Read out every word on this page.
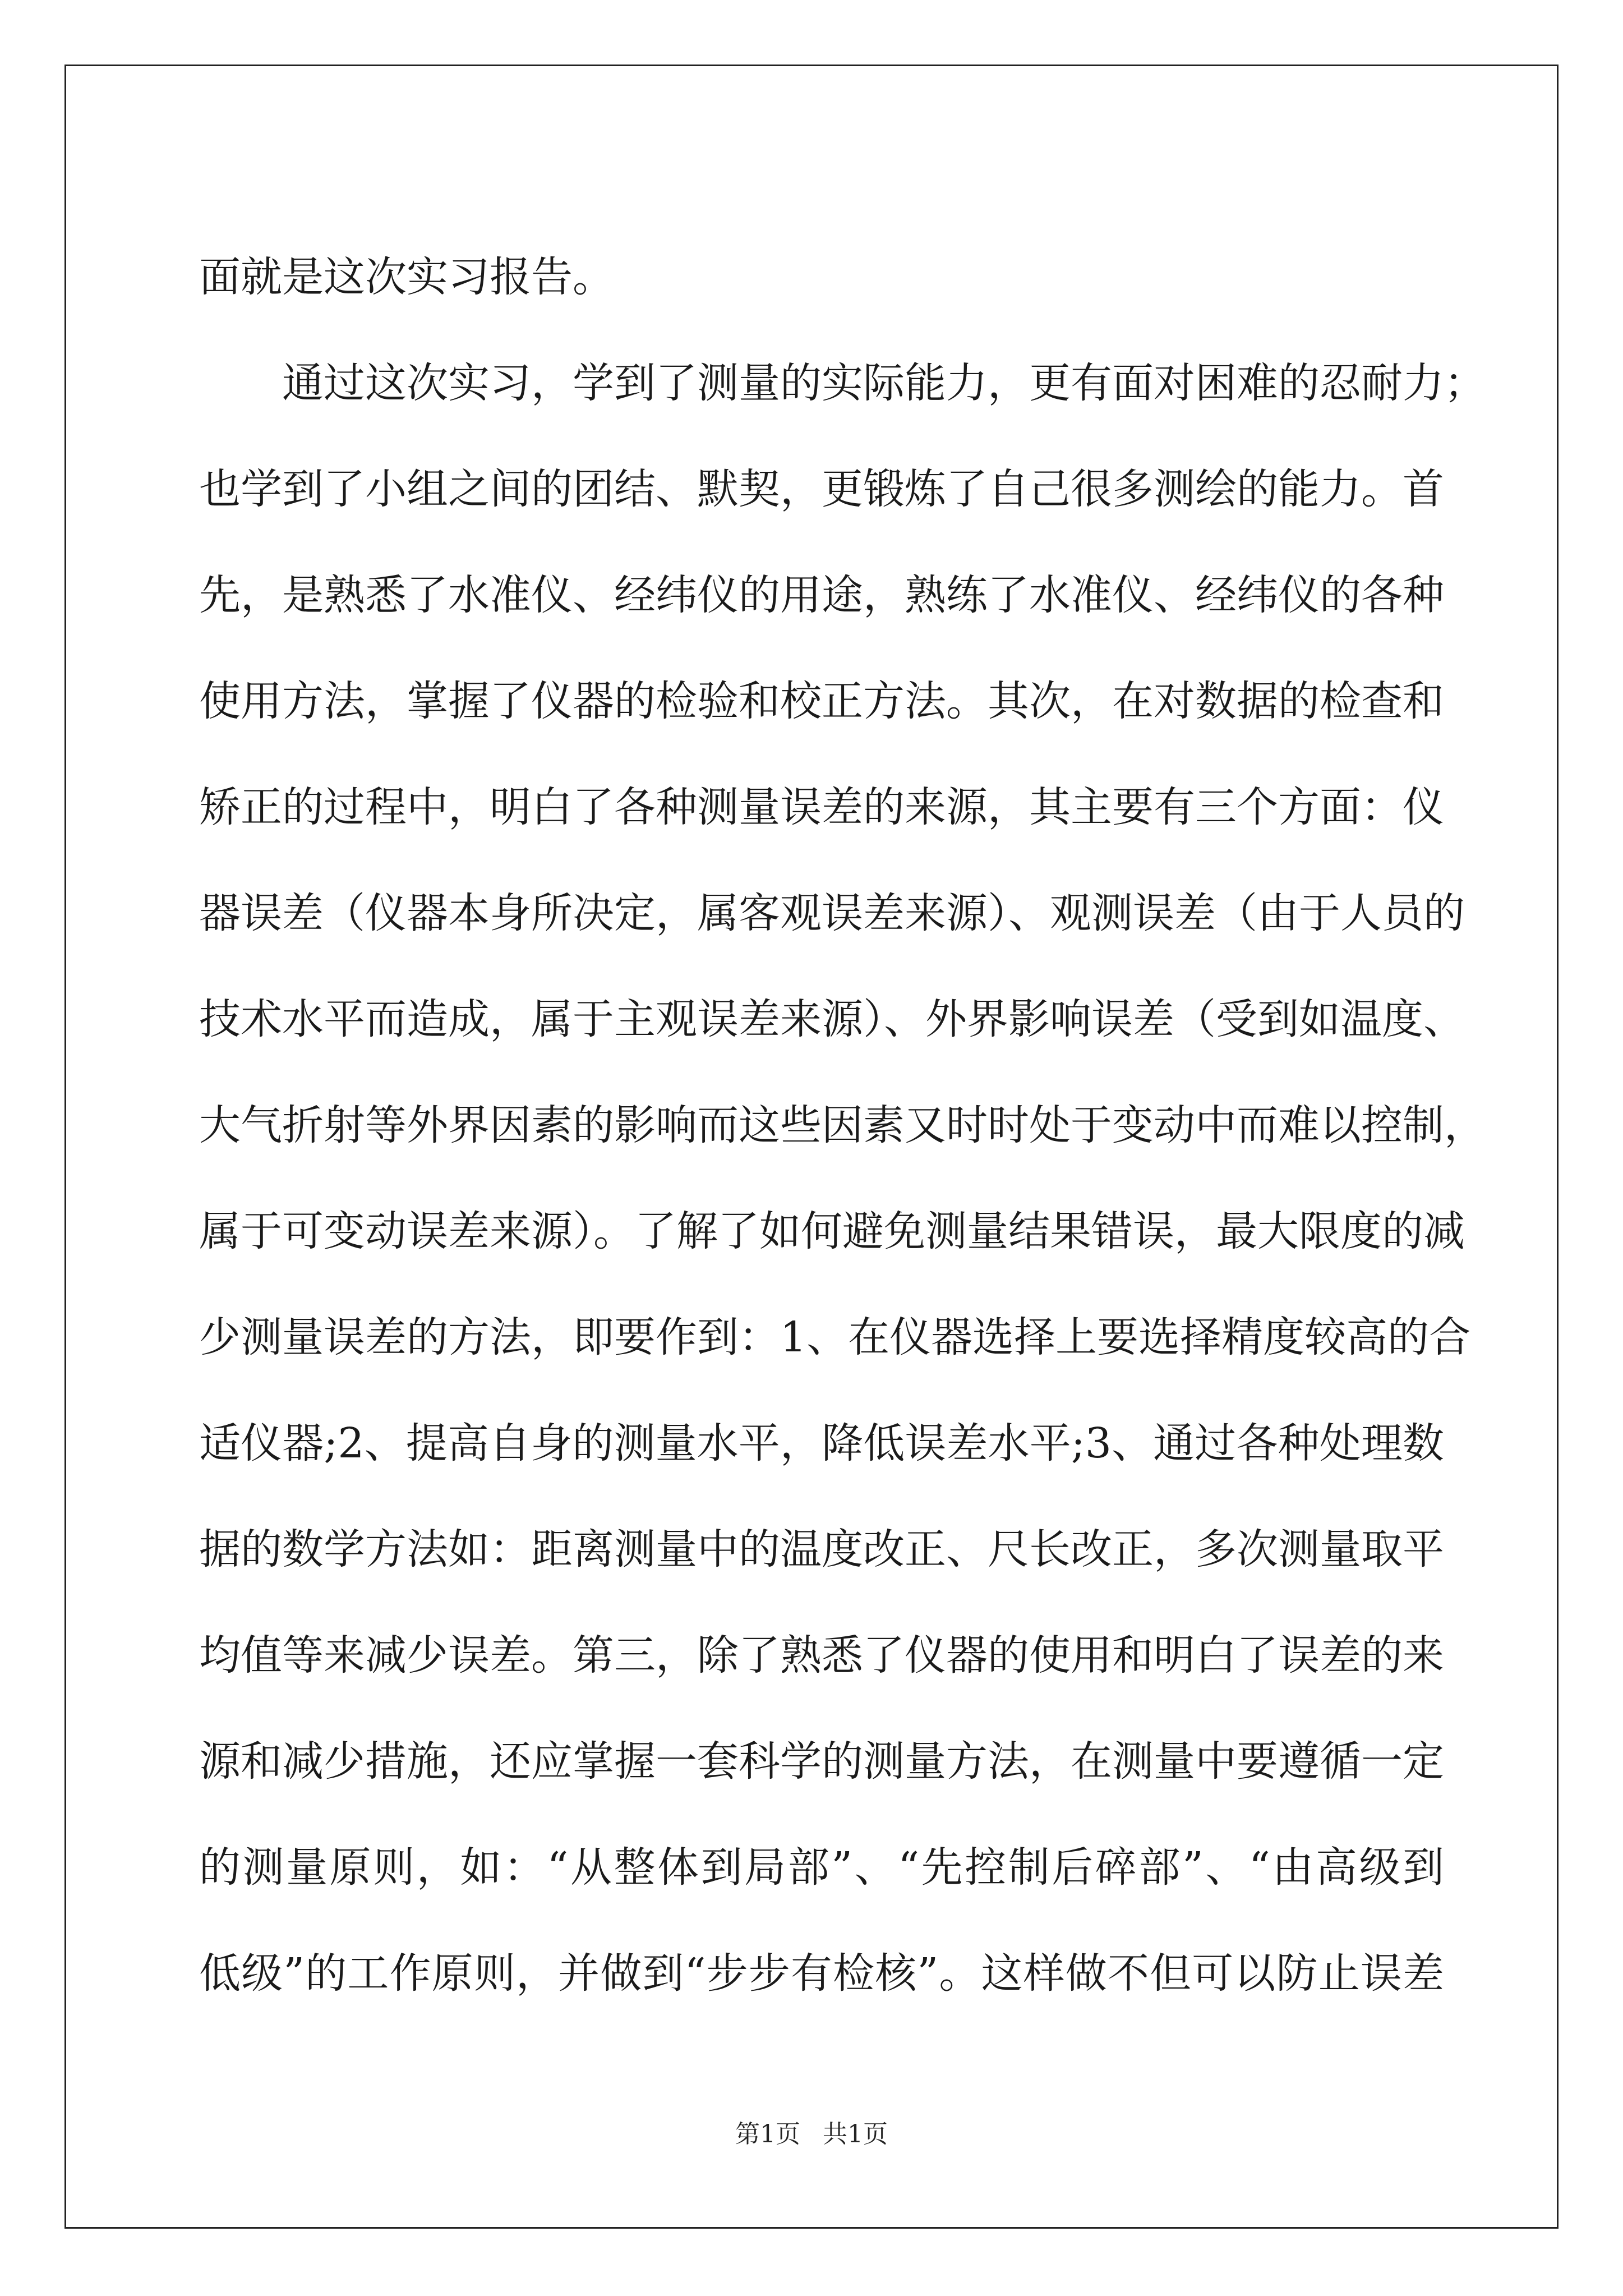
面就是这次实习报告。
通过这次实习，学到了测量的实际能力，更有面对困难的忍耐力；
也学到了小组之间的团结、默契，更锻炼了自己很多测绘的能力。首
先，是熟悉了水准仪、经纬仪的用途，熟练了水准仪、经纬仪的各种
使用方法，掌握了仪器的检验和校正方法。其次，在对数据的检查和
矫正的过程中，明白了各种测量误差的来源，其主要有三个方面：仪
器误差（仪器本身所决定，属客观误差来源）、观测误差（由于人员的
技术水平而造成，属于主观误差来源）、外界影响误差（受到如温度、
大气折射等外界因素的影响而这些因素又时时处于变动中而难以控制，
属于可变动误差来源）。了解了如何避免测量结果错误，最大限度的减
少测量误差的方法，即要作到：1、在仪器选择上要选择精度较高的合
适仪器;2、提高自身的测量水平，降低误差水平;3、通过各种处理数
据的数学方法如：距离测量中的温度改正、尺长改正，多次测量取平
均值等来减少误差。第三，除了熟悉了仪器的使用和明白了误差的来
源和减少措施，还应掌握一套科学的测量方法，在测量中要遵循一定
的测量原则，如：“从整体到局部”、“先控制后碎部”、“由高级到
低级”的工作原则，并做到“步步有检核”。这样做不但可以防止误差
第1页 共1页
